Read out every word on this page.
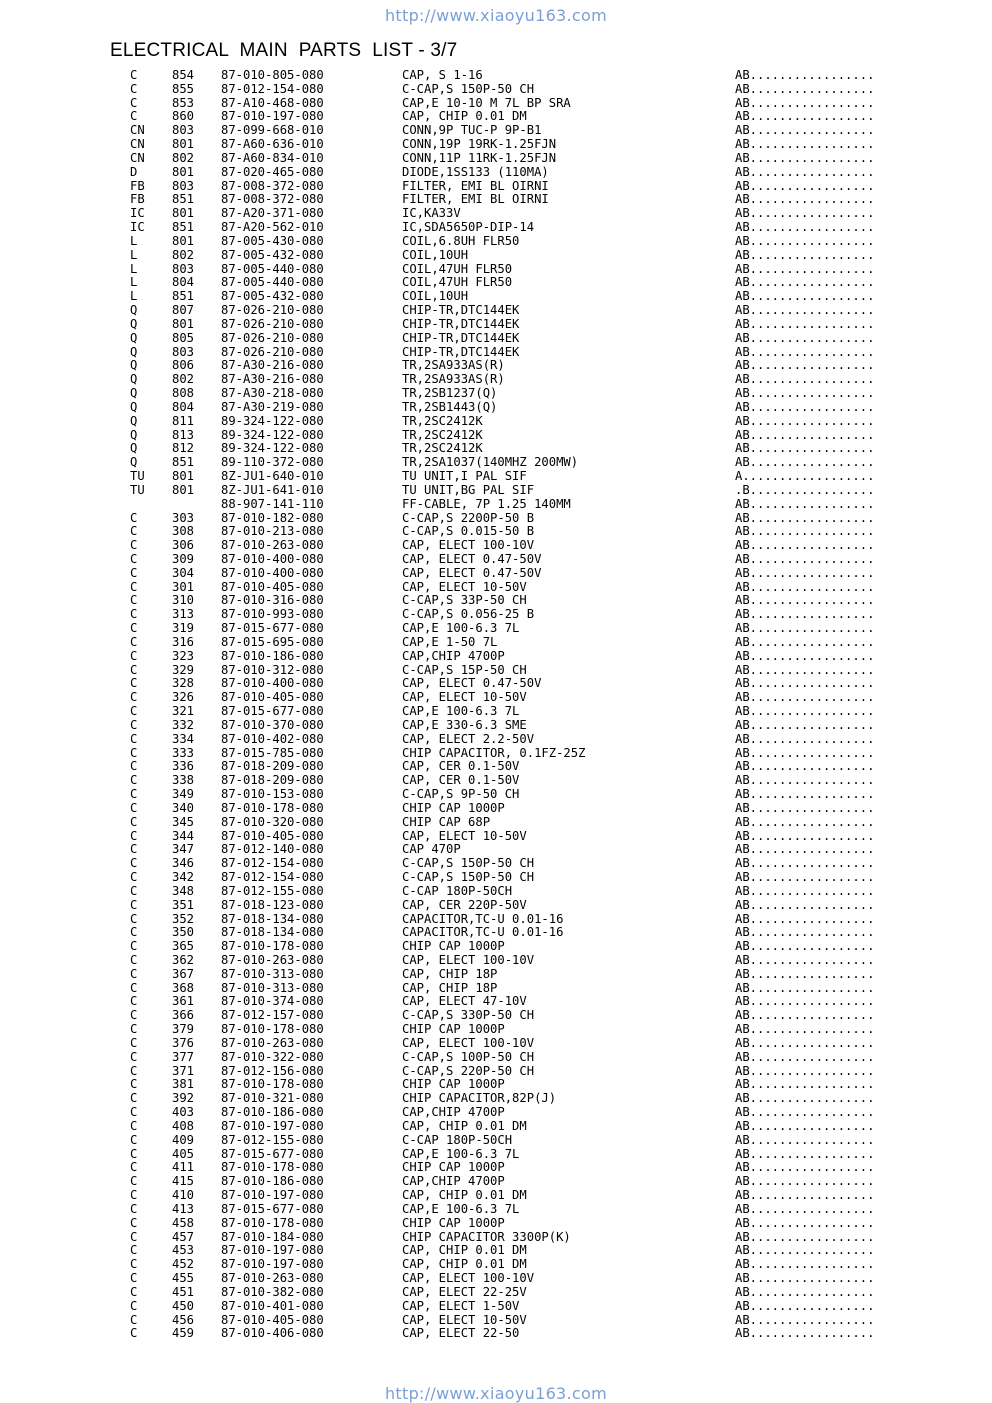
http://www.xiaoyu163.com
ELECTRICAL  MAIN  PARTS  LIST - 3/7
C	854 87-010-805-080	CAP, S 1-16	AB.................
C	855 87-012-154-080	C-CAP,S 150P-50 CH	AB.................
C	853 87-A10-468-080	CAP,E 10-10 M 7L BP SRA	AB.................
C	860 87-010-197-080	CAP, CHIP 0.01 DM	AB.................
CN 803 87-099-668-010	CONN,9P TUC-P 9P-B1	AB.................
CN 801 87-A60-636-010	CONN,19P 19RK-1.25FJN	AB.................
CN 802 87-A60-834-010	CONN,11P 11RK-1.25FJN	AB.................
D	801 87-020-465-080	DIODE,1SS133 (110MA)	AB.................
FB 803 87-008-372-080	FILTER, EMI BL OIRNI	AB.................
FB 851 87-008-372-080	FILTER, EMI BL OIRNI	AB.................
IC 801 87-A20-371-080	IC,KA33V	AB.................
IC 851 87-A20-562-010	IC,SDA5650P-DIP-14	AB.................
L	801 87-005-430-080	COIL,6.8UH FLR50	AB.................
L	802 87-005-432-080	COIL,10UH	AB.................
L	803 87-005-440-080	COIL,47UH FLR50	AB.................
L	804 87-005-440-080	COIL,47UH FLR50	AB.................
L	851 87-005-432-080	COIL,10UH	AB.................
Q	807 87-026-210-080	CHIP-TR,DTC144EK	AB.................
Q	801 87-026-210-080	CHIP-TR,DTC144EK	AB.................
Q	805 87-026-210-080	CHIP-TR,DTC144EK	AB.................
Q	803 87-026-210-080	CHIP-TR,DTC144EK	AB.................
Q	806 87-A30-216-080	TR,2SA933AS(R)	AB.................
Q	802 87-A30-216-080	TR,2SA933AS(R)	AB.................
Q	808 87-A30-218-080	TR,2SB1237(Q)	AB.................
Q	804 87-A30-219-080	TR,2SB1443(Q)	AB.................
Q	811 89-324-122-080	TR,2SC2412K	AB.................
Q	813 89-324-122-080	TR,2SC2412K	AB.................
Q	812 89-324-122-080	TR,2SC2412K	AB.................
Q	851 89-110-372-080	TR,2SA1037(140MHZ 200MW)	AB.................
TU 801 8Z-JU1-640-010	TU UNIT,I PAL SIF	A..................
TU 801 8Z-JU1-641-010	TU UNIT,BG PAL SIF	.B.................
88-907-141-110	FF-CABLE, 7P 1.25 140MM	AB.................
C	303 87-010-182-080	C-CAP,S 2200P-50 B	AB.................
C	308 87-010-213-080	C-CAP,S 0.015-50 B	AB.................
C	306 87-010-263-080	CAP, ELECT 100-10V	AB.................
C	309 87-010-400-080	CAP, ELECT 0.47-50V	AB.................
C	304 87-010-400-080	CAP, ELECT 0.47-50V	AB.................
C	301 87-010-405-080	CAP, ELECT 10-50V	AB.................
C	310 87-010-316-080	C-CAP,S 33P-50 CH	AB.................
C	313 87-010-993-080	C-CAP,S 0.056-25 B	AB.................
C	319 87-015-677-080	CAP,E 100-6.3 7L	AB.................
C	316 87-015-695-080	CAP,E 1-50 7L	AB.................
C	323 87-010-186-080	CAP,CHIP 4700P	AB.................
C	329 87-010-312-080	C-CAP,S 15P-50 CH	AB.................
C	328 87-010-400-080	CAP, ELECT 0.47-50V	AB.................
C	326 87-010-405-080	CAP, ELECT 10-50V	AB.................
C	321 87-015-677-080	CAP,E 100-6.3 7L	AB.................
C	332 87-010-370-080	CAP,E 330-6.3 SME	AB.................
C	334 87-010-402-080	CAP, ELECT 2.2-50V	AB.................
C	333 87-015-785-080	CHIP CAPACITOR, 0.1FZ-25Z	AB.................
C	336 87-018-209-080	CAP, CER 0.1-50V	AB.................
C	338 87-018-209-080	CAP, CER 0.1-50V	AB.................
C	349 87-010-153-080	C-CAP,S 9P-50 CH	AB.................
C	340 87-010-178-080	CHIP CAP 1000P	AB.................
C	345 87-010-320-080	CHIP CAP 68P	AB.................
C	344 87-010-405-080	CAP, ELECT 10-50V	AB.................
C	347 87-012-140-080	CAP 470P	AB.................
C	346 87-012-154-080	C-CAP,S 150P-50 CH	AB.................
C	342 87-012-154-080	C-CAP,S 150P-50 CH	AB.................
C	348 87-012-155-080	C-CAP 180P-50CH	AB.................
C	351 87-018-123-080	CAP, CER 220P-50V	AB.................
C	352 87-018-134-080	CAPACITOR,TC-U 0.01-16	AB.................
C	350 87-018-134-080	CAPACITOR,TC-U 0.01-16	AB.................
C	365 87-010-178-080	CHIP CAP 1000P	AB.................
C	362 87-010-263-080	CAP, ELECT 100-10V	AB.................
C	367 87-010-313-080	CAP, CHIP 18P	AB.................
C	368 87-010-313-080	CAP, CHIP 18P	AB.................
C	361 87-010-374-080	CAP, ELECT 47-10V	AB.................
C	366 87-012-157-080	C-CAP,S 330P-50 CH	AB.................
C	379 87-010-178-080	CHIP CAP 1000P	AB.................
C	376 87-010-263-080	CAP, ELECT 100-10V	AB.................
C	377 87-010-322-080	C-CAP,S 100P-50 CH	AB.................
C	371 87-012-156-080	C-CAP,S 220P-50 CH	AB.................
C	381 87-010-178-080	CHIP CAP 1000P	AB.................
C	392 87-010-321-080	CHIP CAPACITOR,82P(J)	AB.................
C	403 87-010-186-080	CAP,CHIP 4700P	AB.................
C	408 87-010-197-080	CAP, CHIP 0.01 DM	AB.................
C	409 87-012-155-080	C-CAP 180P-50CH	AB.................
C	405 87-015-677-080	CAP,E 100-6.3 7L	AB.................
C	411 87-010-178-080	CHIP CAP 1000P	AB.................
C	415 87-010-186-080	CAP,CHIP 4700P	AB.................
C	410 87-010-197-080	CAP, CHIP 0.01 DM	AB.................
C	413 87-015-677-080	CAP,E 100-6.3 7L	AB.................
C	458 87-010-178-080	CHIP CAP 1000P	AB.................
C	457 87-010-184-080	CHIP CAPACITOR 3300P(K)	AB.................
C	453 87-010-197-080	CAP, CHIP 0.01 DM	AB.................
C	452 87-010-197-080	CAP, CHIP 0.01 DM	AB.................
C	455 87-010-263-080	CAP, ELECT 100-10V	AB.................
C	451 87-010-382-080	CAP, ELECT 22-25V	AB.................
C	450 87-010-401-080	CAP, ELECT 1-50V	AB.................
C	456 87-010-405-080	CAP, ELECT 10-50V	AB.................
C	459 87-010-406-080	CAP, ELECT 22-50	AB.................
http://www.xiaoyu163.com
